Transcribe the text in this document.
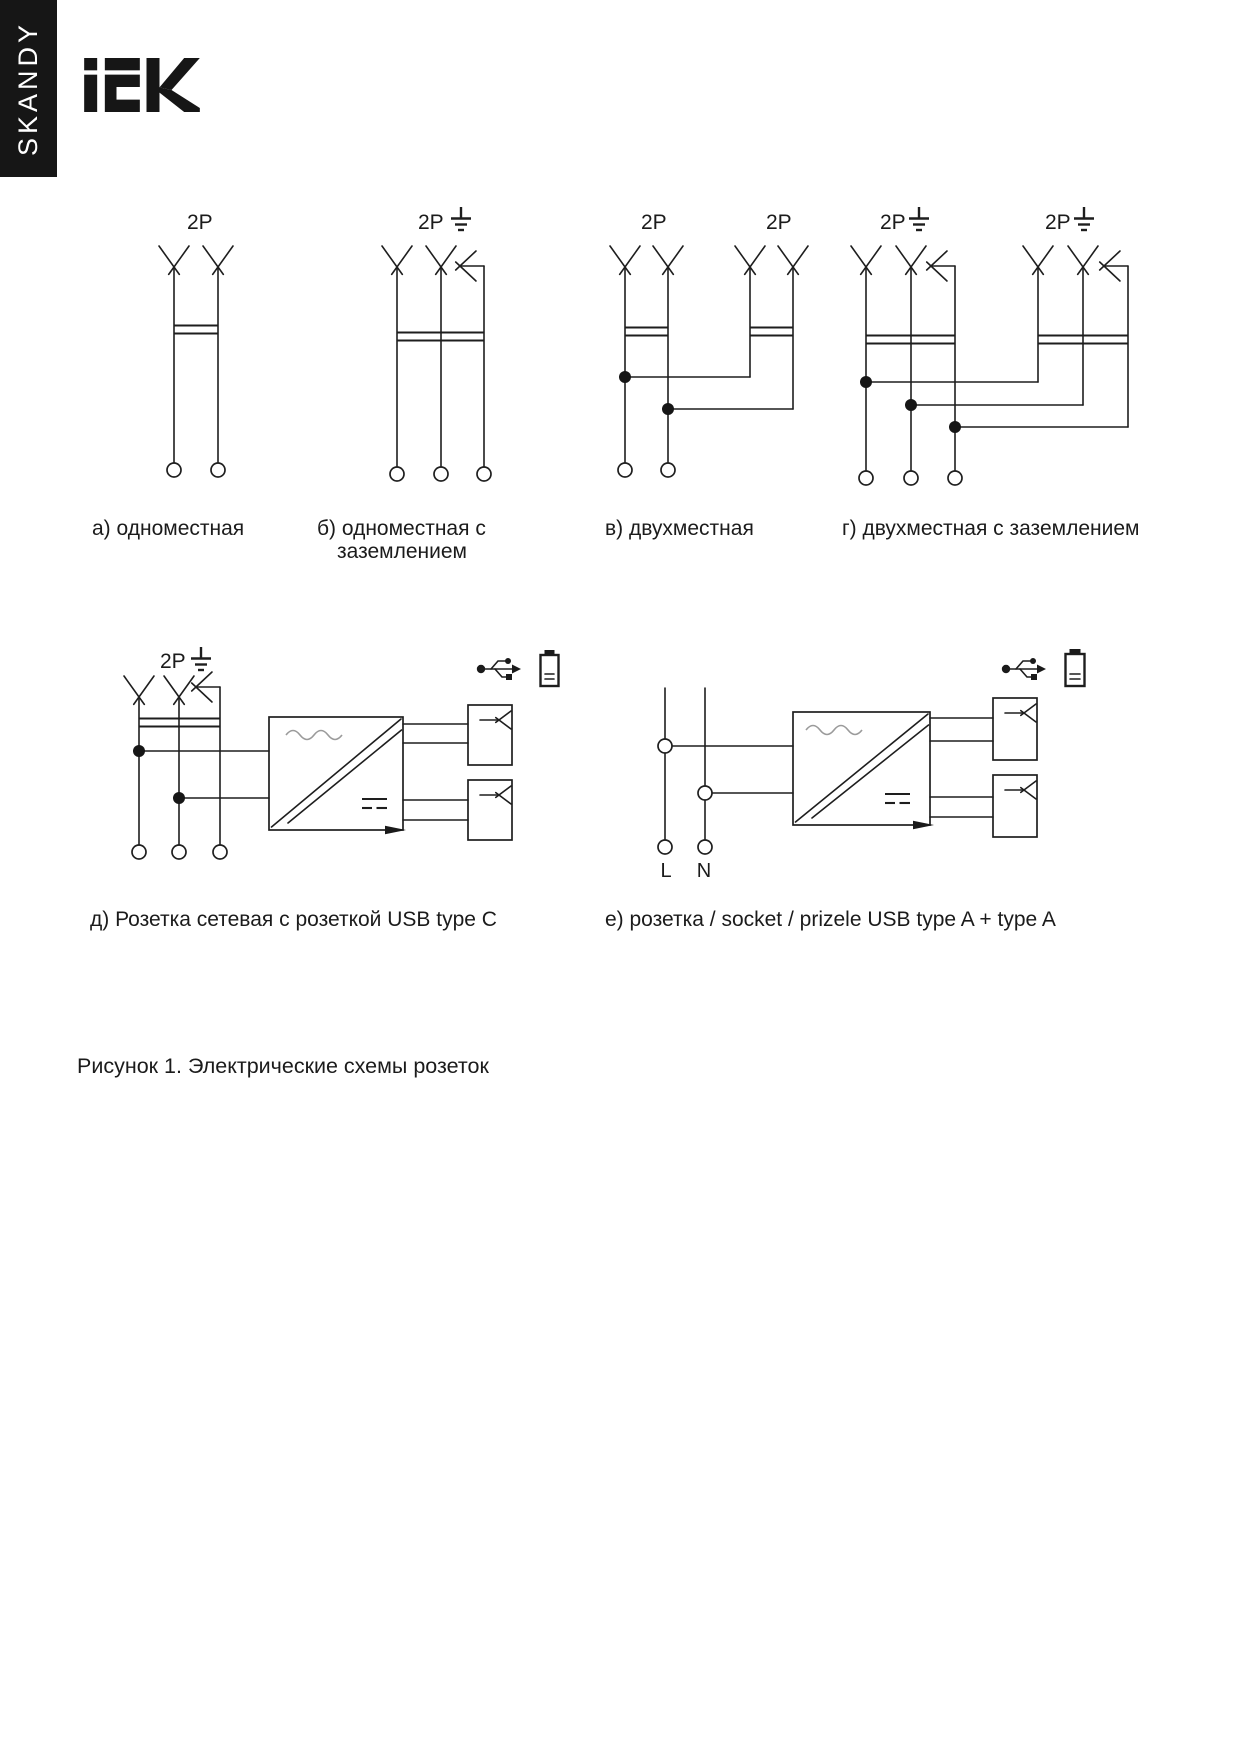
SKANDY
2P
а) одноместная
2P
б) одноместная с
заземлением
2P	2P
в) двухместная
2P	2P
г) двухместная с заземлением
2P
д) Розетка сетевая с розеткой USB type C
L N
е) розетка / socket / prizele USB type A + type A
Рисунок 1. Электрические схемы розеток
